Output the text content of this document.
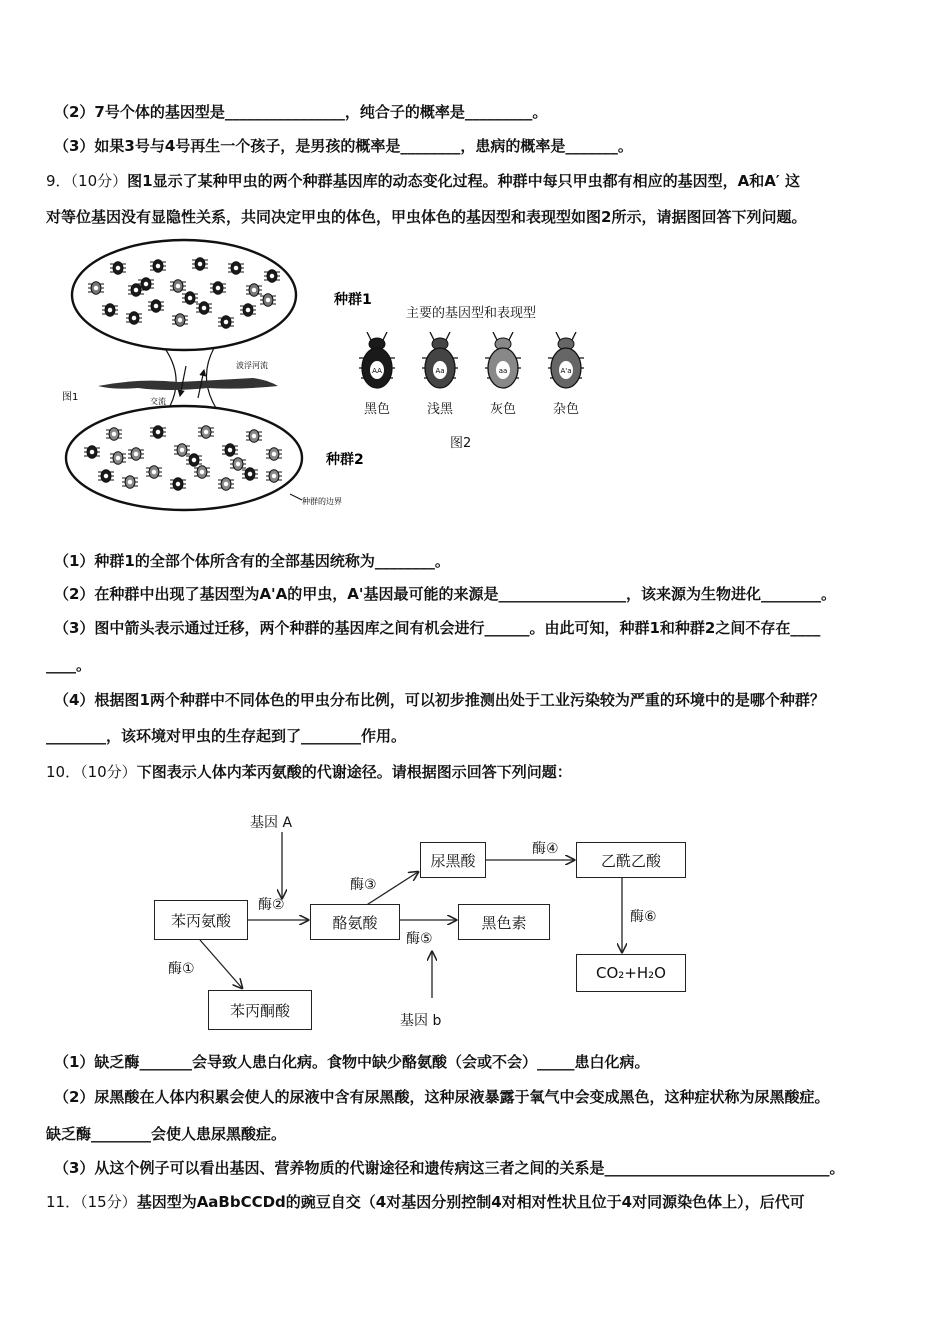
（2）7号个体的基因型是________________，纯合子的概率是_________。
（3）如果3号与4号再生一个孩子，是男孩的概率是________，患病的概率是_______。
9．（10分）图1显示了某种甲虫的两个种群基因库的动态变化过程。种群中每只甲虫都有相应的基因型，A和A′ 这
对等位基因没有显隐性关系，共同决定甲虫的体色，甲虫体色的基因型和表现型如图2所示，请据图回答下列问题。
种群1
种群2
波浮河流
交流
图1
种群的边界
主要的基因型和表现型
AA
黑色
Aa
浅黑
aa
灰色
A'a
杂色
图2
（1）种群1的全部个体所含有的全部基因统称为________。
（2）在种群中出现了基因型为A'A的甲虫，A'基因最可能的来源是_________________，该来源为生物进化________。
（3）图中箭头表示通过迁移，两个种群的基因库之间有机会进行______。由此可知，种群1和种群2之间不存在____
____。
（4）根据图1两个种群中不同体色的甲虫分布比例，可以初步推测出处于工业污染较为严重的环境中的是哪个种群？
________，该环境对甲虫的生存起到了________作用。
10．（10分）下图表示人体内苯丙氨酸的代谢途径。请根据图示回答下列问题：
基因 A
基因 b
苯丙氨酸	酪氨酸
尿黑酸	乙酰乙酸
黑色素
苯丙酮酸
CO₂+H₂O
酶①
酶②
酶③
酶④
酶⑥
酶⑤
（1）缺乏酶_______会导致人患白化病。食物中缺少酪氨酸（会或不会）_____患白化病。
（2）尿黑酸在人体内积累会使人的尿液中含有尿黑酸，这种尿液暴露于氧气中会变成黑色，这种症状称为尿黑酸症。
缺乏酶________会使人患尿黑酸症。
（3）从这个例子可以看出基因、营养物质的代谢途径和遗传病这三者之间的关系是______________________________。
11．（15分）基因型为AaBbCCDd的豌豆自交（4对基因分别控制4对相对性状且位于4对同源染色体上），后代可
